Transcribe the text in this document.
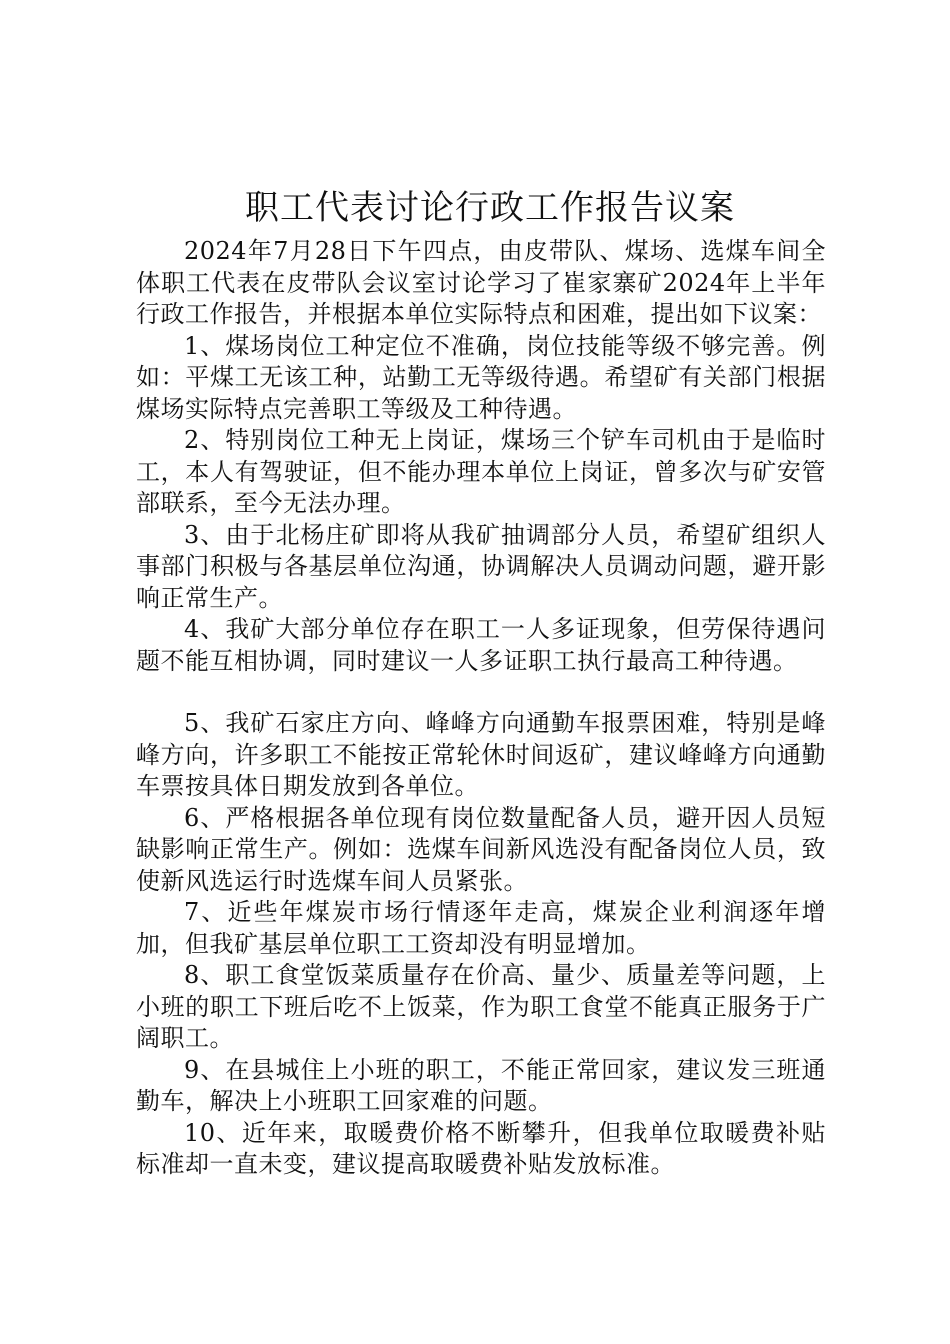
职工代表讨论行政工作报告议案

2024年7月28日下午四点，由皮带队、煤场、选煤车间全体职工代表在皮带队会议室讨论学习了崔家寨矿2024年上半年行政工作报告，并根据本单位实际特点和困难，提出如下议案：

1、煤场岗位工种定位不准确，岗位技能等级不够完善。例如：平煤工无该工种，站勤工无等级待遇。希望矿有关部门根据煤场实际特点完善职工等级及工种待遇。

2、特别岗位工种无上岗证，煤场三个铲车司机由于是临时工，本人有驾驶证，但不能办理本单位上岗证，曾多次与矿安管部联系，至今无法办理。

3、由于北杨庄矿即将从我矿抽调部分人员，希望矿组织人事部门积极与各基层单位沟通，协调解决人员调动问题，避开影响正常生产。

4、我矿大部分单位存在职工一人多证现象，但劳保待遇问题不能互相协调，同时建议一人多证职工执行最高工种待遇。

5、我矿石家庄方向、峰峰方向通勤车报票困难，特别是峰峰方向，许多职工不能按正常轮休时间返矿，建议峰峰方向通勤车票按具体日期发放到各单位。

6、严格根据各单位现有岗位数量配备人员，避开因人员短缺影响正常生产。例如：选煤车间新风选没有配备岗位人员，致使新风选运行时选煤车间人员紧张。

7、近些年煤炭市场行情逐年走高，煤炭企业利润逐年增加，但我矿基层单位职工工资却没有明显增加。

8、职工食堂饭菜质量存在价高、量少、质量差等问题，上小班的职工下班后吃不上饭菜，作为职工食堂不能真正服务于广阔职工。

9、在县城住上小班的职工，不能正常回家，建议发三班通勤车，解决上小班职工回家难的问题。

10、近年来，取暖费价格不断攀升，但我单位取暖费补贴标准却一直未变，建议提高取暖费补贴发放标准。
